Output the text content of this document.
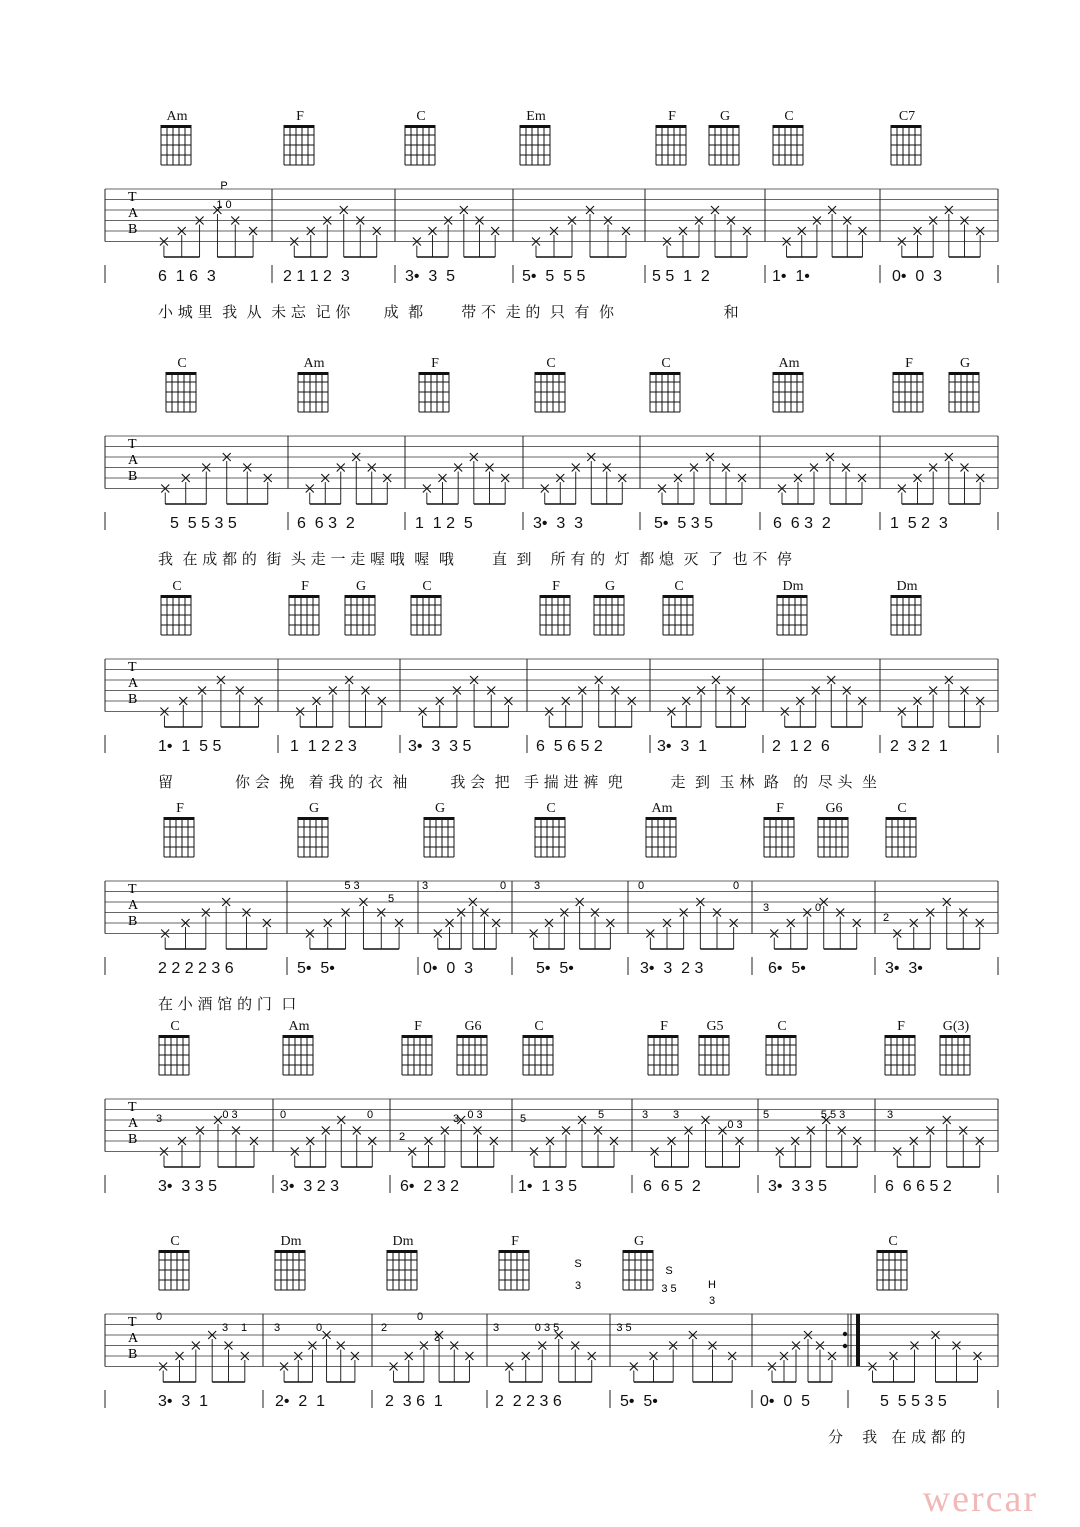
Am	F	C	Em	F	G	C	C7
T
A
B
P
1 0
6  1 6  3	2 1 1 2  3	3•  3  5	5•  5  5 5	5 5  1  2	1•  1•	0•  0  3
小 城 里  我  从  未 忘  记 你       成  都        带 不  走 的  只  有  你                       和
C	Am	F	C	C	Am	F	G
T
A
B
5  5 5 3 5	6  6 3  2	1  1 2  5	3•  3  3	5•  5 3 5	6  6 3  2	1  5 2  3
我  在 成 都 的  街  头 走 一 走 喔 哦  喔  哦        直  到    所 有 的  灯  都 熄  灭  了  也 不  停
C	F	G	C	F	G	C	Dm	Dm
T
A
B
1•  1  5 5	1  1 2 2 3	3•  3  3 5	6  5 6 5 2	3•  3  1	2  1 2  6	2  3 2  1
留             你 会  挽   着 我 的 衣  袖         我 会  把   手 揣 进 裤  兜          走  到  玉 林  路   的  尽 头  坐
F	G	G	C	Am	F	G6	C
T
A
B
5 3
5
3	0	3	0	0
3	0
2
2 2 2 2 3 6	5•  5•	0•  0  3	5•  5•	3•  3  2 3	6•  5•	3•  3•
在 小 酒 馆 的 门  口
C	Am	F	G6	C	F	G5	C	F	G(3)
T
A
B
3	0 3	0	0
2
3 0 3	5	5	3 3
0 3
5	5 5 3	3
3•  3 3 5	3•  3 2 3	6•  2 3 2	1•  1 3 5	6  6 5  2	3•  3 3 5	6  6 6 5 2
C	Dm	Dm	F	G	C
T
A
B
S
S
H
0
3 1 3	0	2
0
3
3	0 3 5
3
3 5
3 5
3
3•  3  1	2•  2  1	2  3 6  1	2  2 2 3 6	5•  5•	0•  0  5	5  5 5 3 5
分    我   在 成 都 的
wercar
